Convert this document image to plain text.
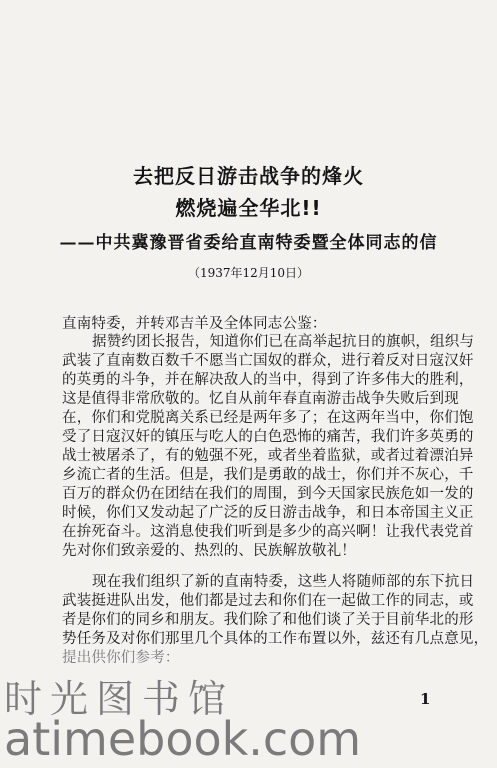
去把反日游击战争的烽火
燃烧遍全华北!!
——中共冀豫晋省委给直南特委暨全体同志的信
（1937年12月10日）
直南特委，并转邓吉羊及全体同志公鉴：
据赞约团长报告，知道你们已在高举起抗日的旗帜，组织与
武装了直南数百数千不愿当亡国奴的群众，进行着反对日寇汉奸
的英勇的斗争，并在解决敌人的当中，得到了许多伟大的胜利，
这是值得非常欣敬的。忆自从前年春直南游击战争失败后到现
在，你们和党脱离关系已经是两年多了；在这两年当中，你们饱
受了日寇汉奸的镇压与吃人的白色恐怖的痛苦，我们许多英勇的
战士被屠杀了，有的勉强不死，或者坐着监狱，或者过着漂泊异
乡流亡者的生活。但是，我们是勇敢的战士，你们并不灰心，千
百万的群众仍在团结在我们的周围，到今天国家民族危如一发的
时候，你们又发动起了广泛的反日游击战争，和日本帝国主义正
在拚死奋斗。这消息使我们听到是多少的高兴啊！让我代表党首
先对你们致亲爱的、热烈的、民族解放敬礼！
现在我们组织了新的直南特委，这些人将随师部的东下抗日
武装挺进队出发，他们都是过去和你们在一起做工作的同志，或
者是你们的同乡和朋友。我们除了和他们谈了关于目前华北的形
势任务及对你们那里几个具体的工作布置以外，兹还有几点意见，
提出供你们参考：
1
时光图书馆
atimebook.com
